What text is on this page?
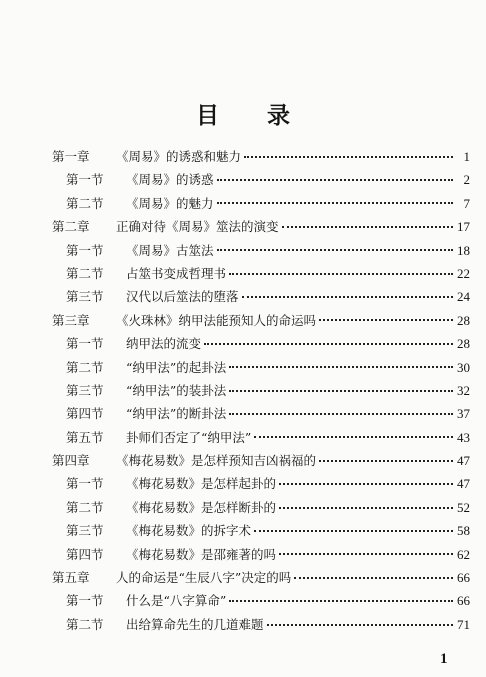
目 录
第一章	《周易》的诱惑和魅力	1
第一节	《周易》的诱惑	2
第二节	《周易》的魅力	7
第二章	正确对待《周易》筮法的演变	17
第一节	《周易》古筮法	18
第二节	占筮书变成哲理书	22
第三节	汉代以后筮法的堕落	24
第三章	《火珠林》纳甲法能预知人的命运吗	28
第一节	纳甲法的流变	28
第二节	“纳甲法”的起卦法	30
第三节	“纳甲法”的装卦法	32
第四节	“纳甲法”的断卦法	37
第五节	卦师们否定了“纳甲法”	43
第四章	《梅花易数》是怎样预知吉凶祸福的	47
第一节	《梅花易数》是怎样起卦的	47
第二节	《梅花易数》是怎样断卦的	52
第三节	《梅花易数》的拆字术	58
第四节	《梅花易数》是邵雍著的吗	62
第五章	人的命运是“生辰八字”决定的吗	66
第一节	什么是“八字算命”	66
第二节	出给算命先生的几道难题	71
1
